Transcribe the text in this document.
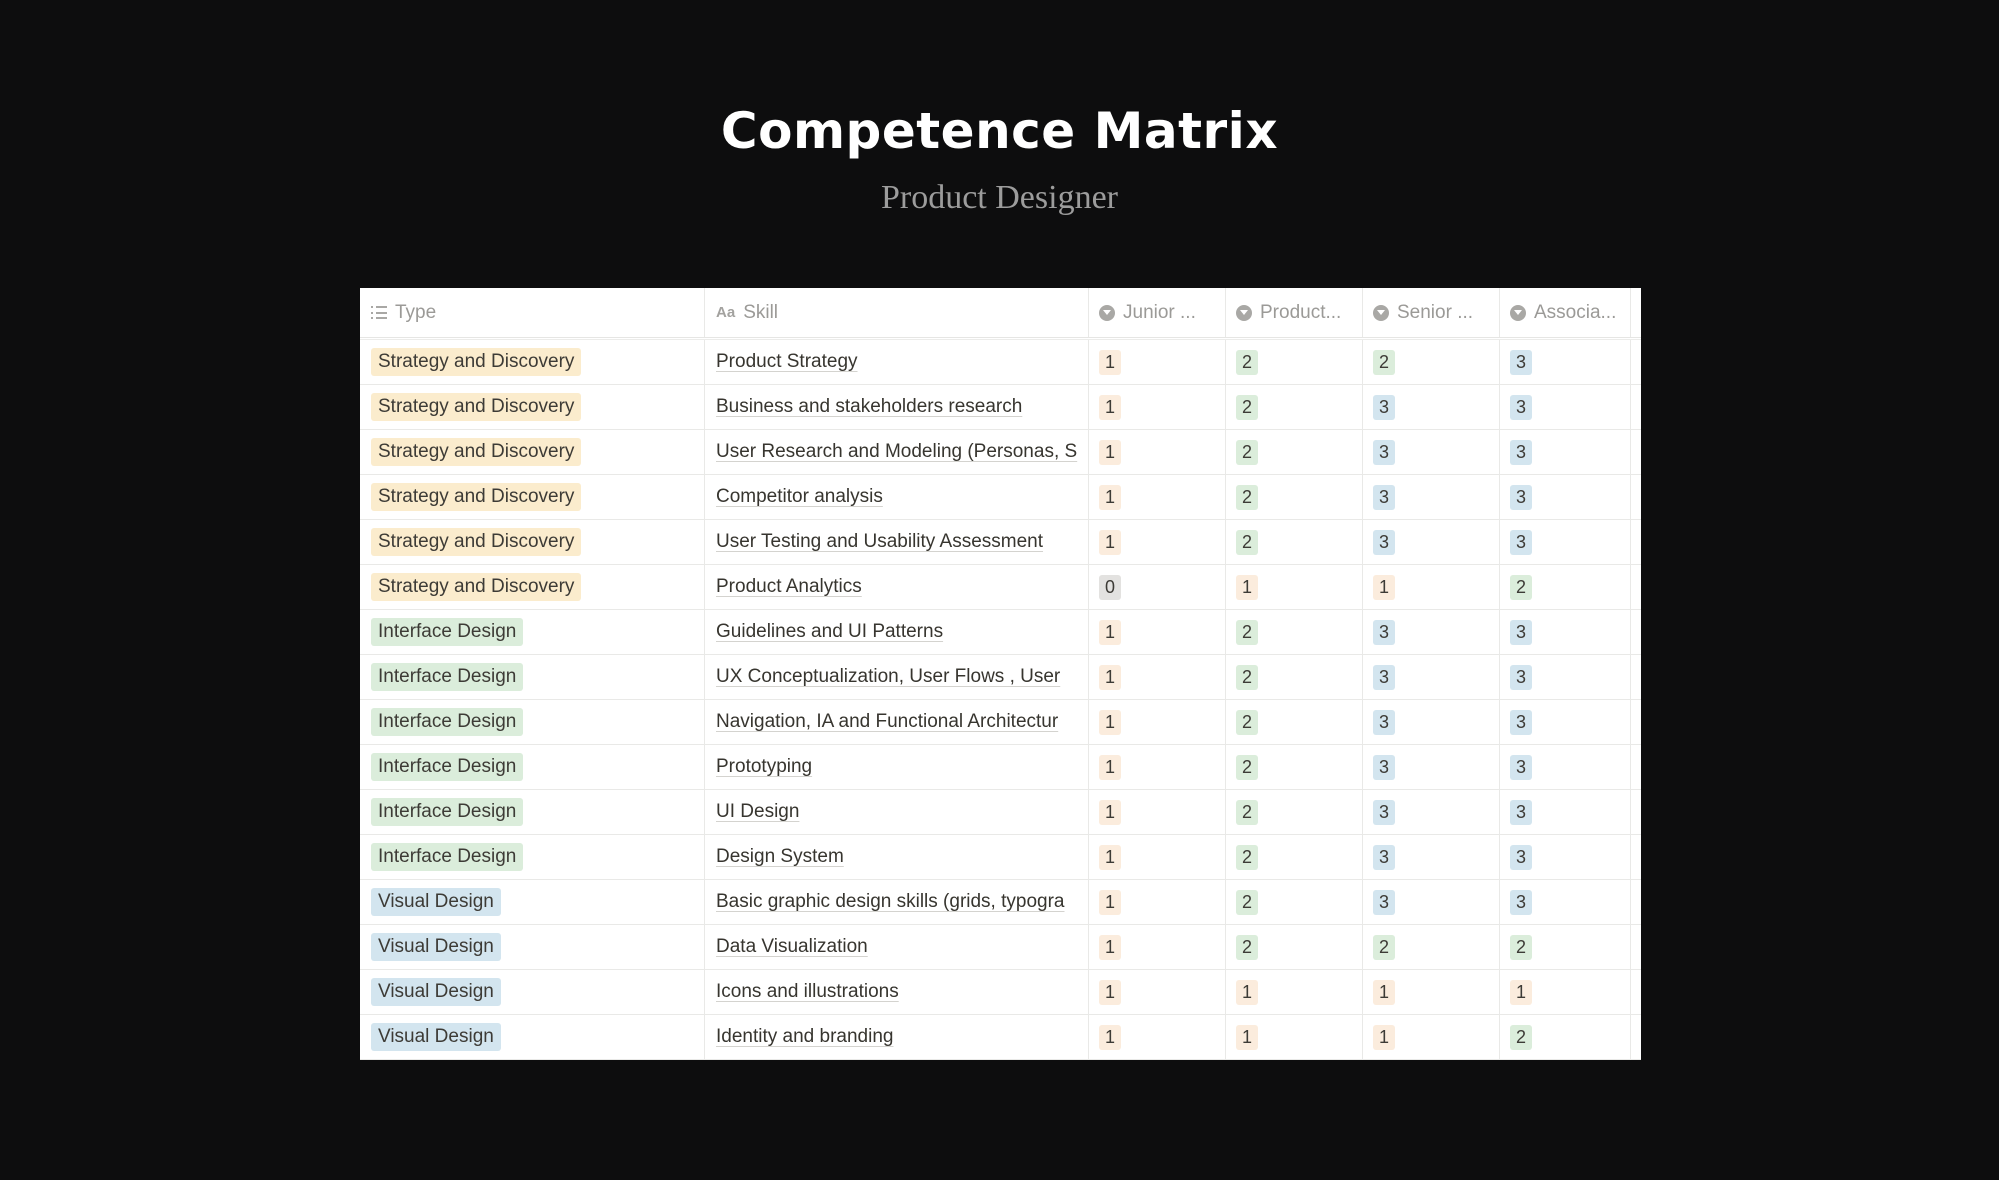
Competence Matrix

Product Designer

Type	Aa Skill	Junior ...	Product...	Senior ...	Associa...
Strategy and Discovery	Product Strategy	1	2	2	3
Strategy and Discovery	Business and stakeholders research	1	2	3	3
Strategy and Discovery	User Research and Modeling (Personas, S	1	2	3	3
Strategy and Discovery	Competitor analysis	1	2	3	3
Strategy and Discovery	User Testing and Usability Assessment	1	2	3	3
Strategy and Discovery	Product Analytics	0	1	1	2
Interface Design	Guidelines and UI Patterns	1	2	3	3
Interface Design	UX Conceptualization, User Flows , User	1	2	3	3
Interface Design	Navigation, IA and Functional Architectur	1	2	3	3
Interface Design	Prototyping	1	2	3	3
Interface Design	UI Design	1	2	3	3
Interface Design	Design System	1	2	3	3
Visual Design	Basic graphic design skills (grids, typogra	1	2	3	3
Visual Design	Data Visualization	1	2	2	2
Visual Design	Icons and illustrations	1	1	1	1
Visual Design	Identity and branding	1	1	1	2
